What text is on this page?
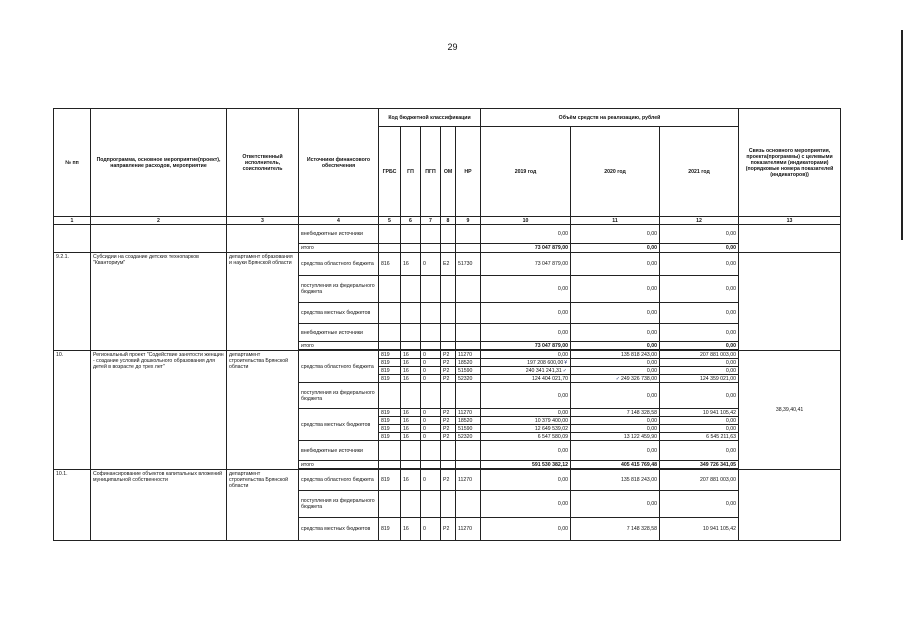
29
№ пп	Подпрограмма, основное мероприятие(проект), направление расходов, мероприятие	Ответственный исполнитель, соисполнитель	Источники финансового обеспечения	Код бюджетной классификации					Объём средств на реализацию, рублей			Связь основного мероприятия, проекта(программы) с целевыми показателями (индикаторами) (порядковые номера показателей (индикаторов))
				ГРБС	ГП	ПГП	ОМ	НР	2019 год	2020 год	2021 год	
1	2	3	4	5	6	7	8	9	10	11	12	13
			внебюджетные источники						0,00	0,00	0,00	
			итого						73 047 879,00	0,00	0,00	
9.2.1.	Субсидии на создание детских технопарков "Кванториум"	департамент образования и науки Брянской области	средства областного бюджета	816	16	0	E2	51730	73 047 879,00	0,00	0,00	
			поступления из федерального бюджета						0,00	0,00	0,00	
			средства местных бюджетов						0,00	0,00	0,00	
			внебюджетные источники						0,00	0,00	0,00	
			итого						73 047 879,00	0,00	0,00	

10.	Региональный проект "Содействие занятости женщин - создание условий дошкольного образования для детей в возрасте до трех лет"	департамент строительства Брянской области	средства областного бюджета	819	16	0	P2	11270	0,00	135 818 243,00	207 881 003,00	38,39,40,41
				819	16	0	P2	18520	197 208 600,00¥	0,00	0,00	
				819	16	0	P2	51590	240 341 241,31✓	0,00	0,00	
				819	16	0	P2	52320	124 404 021,70	✓249 326 738,00	124 359 021,00	
			поступления из федерального бюджета						0,00	0,00	0,00	
			средства местных бюджетов	819	16	0	P2	11270	0,00	7 148 328,58	10 941 105,42	
				819	16	0	P2	18520	10 379 400,00	0,00	0,00	
				819	16	0	P2	51590	12 649 539,02	0,00	0,00	
				819	16	0	P2	52320	6 547 580,09	13 122 459,90	6 545 211,63	
			внебюджетные источники						0,00	0,00	0,00	
			итого						591 530 382,12	405 415 769,48	349 726 341,05	

10.1.	Софинансирование объектов капитальных вложений муниципальной собственности	департамент строительства Брянской области	средства областного бюджета	819	16	0	P2	11270	0,00	135 818 243,00	207 881 003,00	
			поступления из федерального бюджета						0,00	0,00	0,00	
			средства местных бюджетов	819	16	0	P2	11270	0,00	7 148 328,58	10 941 105,42	
